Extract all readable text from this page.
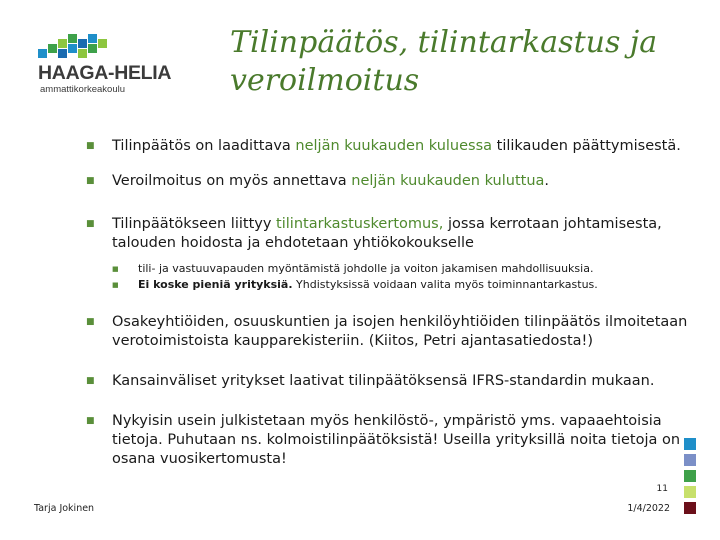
HAAGA-HELIA
ammattikorkeakoulu
Tilinpäätös, tilintarkastus ja veroilmoitus
■ Tilinpäätös on laadittava neljän kuukauden kuluessa tilikauden päättymisestä.
■ Veroilmoitus on myös annettava neljän kuukauden kuluttua.
■ Tilinpäätökseen liittyy tilintarkastuskertomus, jossa kerrotaan johtamisesta, talouden hoidosta ja ehdotetaan yhtiökokoukselle
■ tili- ja vastuuvapauden myöntämistä johdolle ja voiton jakamisen mahdollisuuksia.
■ Ei koske pieniä yrityksiä. Yhdistyksissä voidaan valita myös toiminnantarkastus.
■ Osakeyhtiöiden, osuuskuntien ja isojen henkilöyhtiöiden tilinpäätös ilmoitetaan verotoimistoista kaupparekisteriin. (Kiitos, Petri ajantasatiedosta!)
■ Kansainväliset yritykset laativat tilinpäätöksensä IFRS-standardin mukaan.
■ Nykyisin usein julkistetaan myös henkilöstö-, ympäristö yms. vapaaehtoisia tietoja. Puhutaan ns. kolmoistilinpäätöksistä! Useilla yrityksillä noita tietoja on osana vuosikertomusta!
11
Tarja Jokinen	1/4/2022
